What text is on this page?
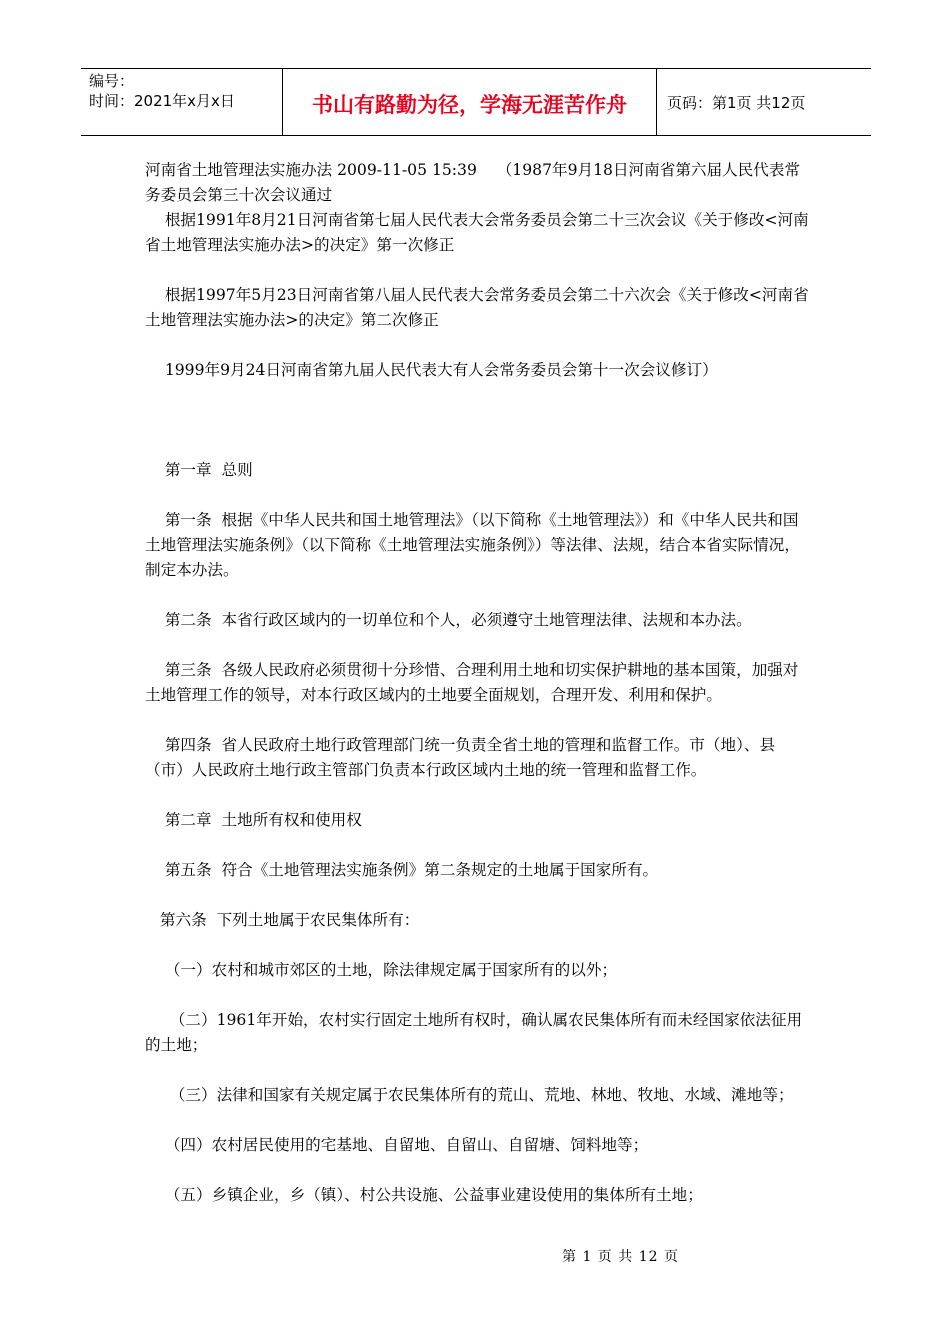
编号：
时间：2021年x月x日	书山有路勤为径，学海无涯苦作舟	页码：第1页 共12页

河南省土地管理法实施办法 2009-11-05 15:39    （1987年9月18日河南省第六届人民代表常务委员会第三十次会议通过

根据1991年8月21日河南省第七届人民代表大会常务委员会第二十三次会议《关于修改<河南省土地管理法实施办法>的决定》第一次修正

根据1997年5月23日河南省第八届人民代表大会常务委员会第二十六次会《关于修改<河南省土地管理法实施办法>的决定》第二次修正

1999年9月24日河南省第九届人民代表大有人会常务委员会第十一次会议修订）

第一章  总则

第一条  根据《中华人民共和国土地管理法》（以下简称《土地管理法》）和《中华人民共和国土地管理法实施条例》（以下简称《土地管理法实施条例》）等法律、法规，结合本省实际情况，制定本办法。

第二条  本省行政区域内的一切单位和个人，必须遵守土地管理法律、法规和本办法。

第三条  各级人民政府必须贯彻十分珍惜、合理利用土地和切实保护耕地的基本国策，加强对土地管理工作的领导，对本行政区域内的土地要全面规划，合理开发、利用和保护。

第四条  省人民政府土地行政管理部门统一负责全省土地的管理和监督工作。市（地）、县（市）人民政府土地行政主管部门负责本行政区域内土地的统一管理和监督工作。

第二章  土地所有权和使用权

第五条  符合《土地管理法实施条例》第二条规定的土地属于国家所有。

第六条  下列土地属于农民集体所有：

（一）农村和城市郊区的土地，除法律规定属于国家所有的以外；

（二）1961年开始，农村实行固定土地所有权时，确认属农民集体所有而未经国家依法征用的土地；

（三）法律和国家有关规定属于农民集体所有的荒山、荒地、林地、牧地、水域、滩地等；

（四）农村居民使用的宅基地、自留地、自留山、自留塘、饲料地等；

（五）乡镇企业，乡（镇）、村公共设施、公益事业建设使用的集体所有土地；

第 1 页 共 12 页
